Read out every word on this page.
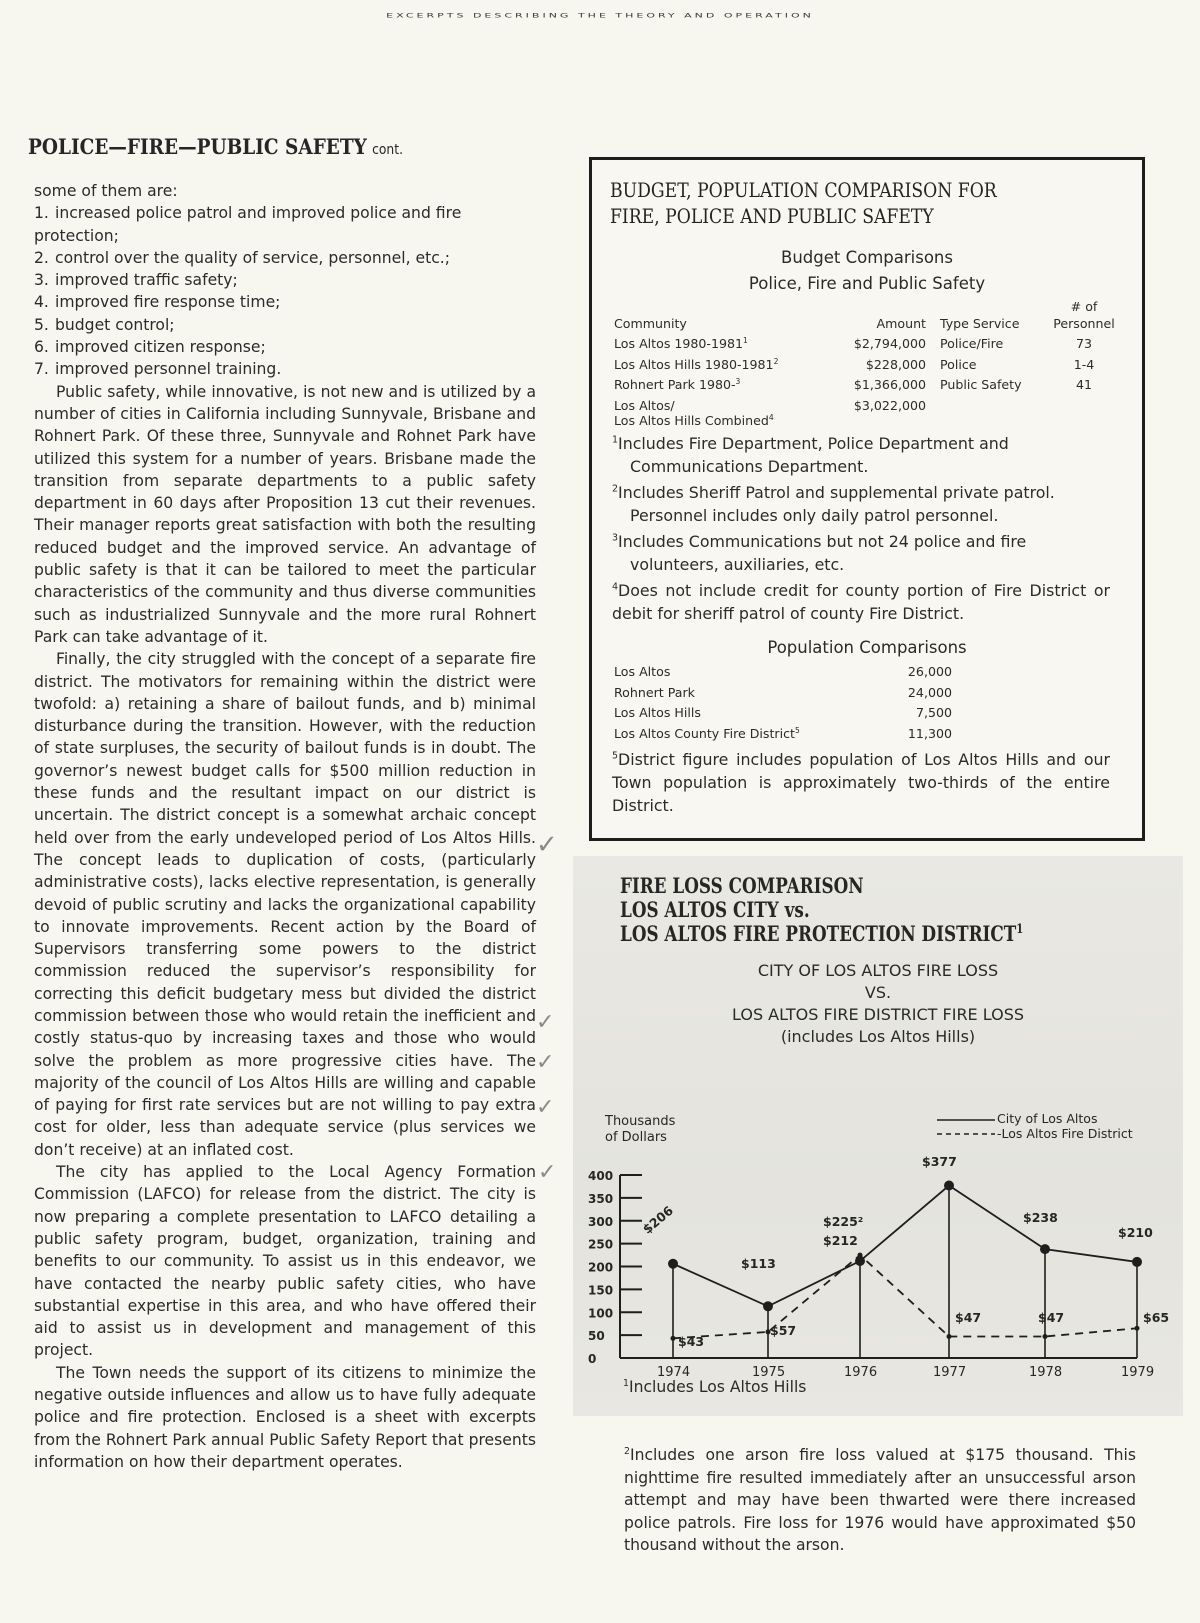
EXCERPTS DESCRIBING THE THEORY AND OPERATION
POLICE—FIRE—PUBLIC SAFETY cont.

some of them are:

1. increased police patrol and improved police and fire
protection;
2. control over the quality of service, personnel, etc.;
3. improved traffic safety;
4. improved fire response time;
5. budget control;
6. improved citizen response;
7. improved personnel training.

Public safety, while innovative, is not new and is utilized by a number of cities in California including Sunnyvale, Brisbane and Rohnert Park. Of these three, Sunnyvale and Rohnet Park have utilized this system for a number of years. Brisbane made the transition from separate departments to a public safety department in 60 days after Proposition 13 cut their revenues. Their manager reports great satisfaction with both the resulting reduced budget and the improved service. An advantage of public safety is that it can be tailored to meet the particular characteristics of the community and thus diverse communities such as industrialized Sunnyvale and the more rural Rohnert Park can take advantage of it.

Finally, the city struggled with the concept of a separate fire district. The motivators for remaining within the district were twofold: a) retaining a share of bailout funds, and b) minimal disturbance during the transition. However, with the reduction of state surpluses, the security of bailout funds is in doubt. The governor’s newest budget calls for $500 million reduction in these funds and the resultant impact on our district is uncertain. The district concept is a somewhat archaic concept held over from the early undeveloped period of Los Altos Hills. The concept leads to duplication of costs, (particularly administrative costs), lacks elective representation, is generally devoid of public scrutiny and lacks the organizational capability to innovate improvements. Recent action by the Board of Supervisors transferring some powers to the district commission reduced the supervisor’s responsibility for correcting this deficit budgetary mess but divided the district commission between those who would retain the inefficient and costly status-quo by increasing taxes and those who would solve the problem as more progressive cities have. The majority of the council of Los Altos Hills are willing and capable of paying for first rate services but are not willing to pay extra cost for older, less than adequate service (plus services we don’t receive) at an inflated cost.

The city has applied to the Local Agency Formation Commission (LAFCO) for release from the district. The city is now preparing a complete presentation to LAFCO detailing a public safety program, budget, organization, training and benefits to our community. To assist us in this endeavor, we have contacted the nearby public safety cities, who have substantial expertise in this area, and who have offered their aid to assist us in development and management of this project.

The Town needs the support of its citizens to minimize the negative outside influences and allow us to have fully adequate police and fire protection. Enclosed is a sheet with excerpts from the Rohnert Park annual Public Safety Report that presents information on how their department operates.

✓
✓
✓
✓
✓
BUDGET, POPULATION COMPARISON FOR
FIRE, POLICE AND PUBLIC SAFETY
Budget Comparisons
Police, Fire and Public Safety
Community	Amount Type Service
# of
Personnel
Los Altos 1980-1981$^1$	$2,794,000 Police/Fire	73
Los Altos Hills 1980-1981$^2$	$228,000 Police	1-4
Rohnert Park 1980-$^3$	$1,366,000 Public Safety	41
Los Altos/
Los Altos Hills Combined$^4$
$3,022,000
$^1$Includes Fire Department, Police Department and
Communications Department.
$^2$Includes Sheriff Patrol and supplemental private patrol.
Personnel includes only daily patrol personnel.
$^3$Includes Communications but not 24 police and fire
volunteers, auxiliaries, etc.
$^4$Does not include credit for county portion of Fire District or debit for sheriff patrol of county Fire District.
Population Comparisons
Los Altos	26,000
Rohnert Park	24,000
Los Altos Hills	7,500
Los Altos County Fire District$^5$	11,300
$^5$District figure includes population of Los Altos Hills and our Town population is approximately two-thirds of the entire District.
FIRE LOSS COMPARISON
LOS ALTOS CITY vs.
LOS ALTOS FIRE PROTECTION DISTRICT$^1$
CITY OF LOS ALTOS FIRE LOSS
VS.
LOS ALTOS FIRE DISTRICT FIRE LOSS
(includes Los Altos Hills)
$^1$Includes Los Altos Hills
Thousands
of Dollars
0
50
100
150
200
250
300
350
400
1974	1975	1976	1977	1978	1979
$206
$113
$212
$377
$238
$210
$43
$57
$225²
$47	$47	$65
City of Los Altos
-Los Altos Fire District
$^2$Includes one arson fire loss valued at $175 thousand. This nighttime fire resulted immediately after an unsuccessful arson attempt and may have been thwarted were there increased police patrols. Fire loss for 1976 would have approximated $50 thousand without the arson.
